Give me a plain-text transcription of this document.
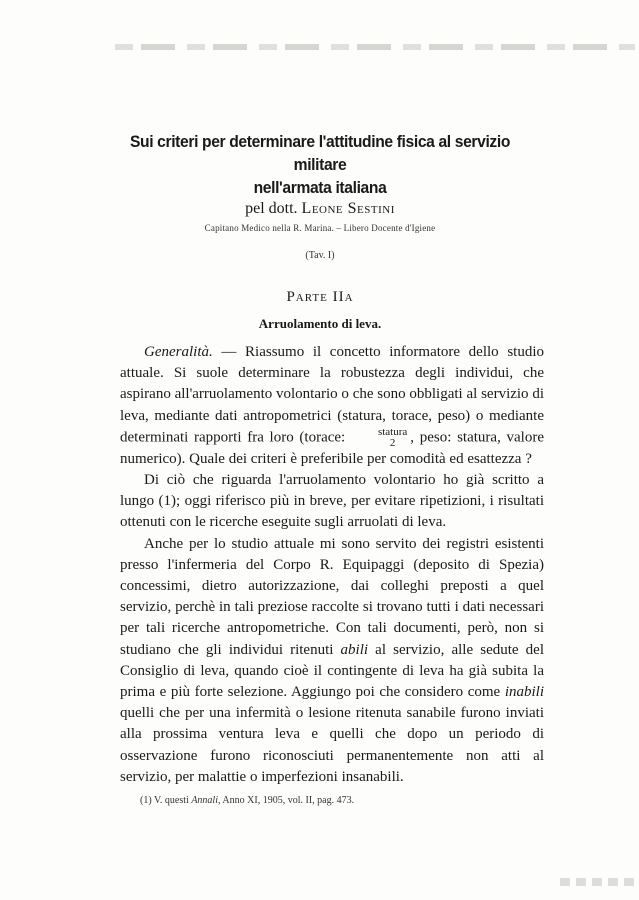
Sui criteri per determinare l'attitudine fisica al servizio militare
nell'armata italiana
pel dott. Leone Sestini
Capitano Medico nella R. Marina. – Libero Docente d'Igiene
(Tav. I)
Parte IIa
Arruolamento di leva.

Generalità. — Riassumo il concetto informatore dello studio attuale. Si suole determinare la robustezza degli individui, che aspirano all'arruolamento volontario o che sono obbligati al servizio di leva, mediante dati antropometrici (statura, torace, peso) o mediante determinati rapporti fra loro (torace:	statura
2 , peso: statura, valore numerico). Quale dei criteri è preferibile per comodità ed esattezza ?

Di ciò che riguarda l'arruolamento volontario ho già scritto a lungo (1); oggi riferisco più in breve, per evitare ripetizioni, i risultati ottenuti con le ricerche eseguite sugli arruolati di leva.

Anche per lo studio attuale mi sono servito dei registri esistenti presso l'infermeria del Corpo R. Equipaggi (deposito di Spezia) concessimi, dietro autorizzazione, dai colleghi preposti a quel servizio, perchè in tali preziose raccolte si trovano tutti i dati necessari per tali ricerche antropometriche. Con tali documenti, però, non si studiano che gli individui ritenuti abili al servizio, alle sedute del Consiglio di leva, quando cioè il contingente di leva ha già subita la prima e più forte selezione. Aggiungo poi che considero come inabili quelli che per una infermità o lesione ritenuta sanabile furono inviati alla prossima ventura leva e quelli che dopo un periodo di osservazione furono riconosciuti permanentemente non atti al servizio, per malattie o imperfezioni insanabili.

(1) V. questi Annali, Anno XI, 1905, vol. II, pag. 473.
